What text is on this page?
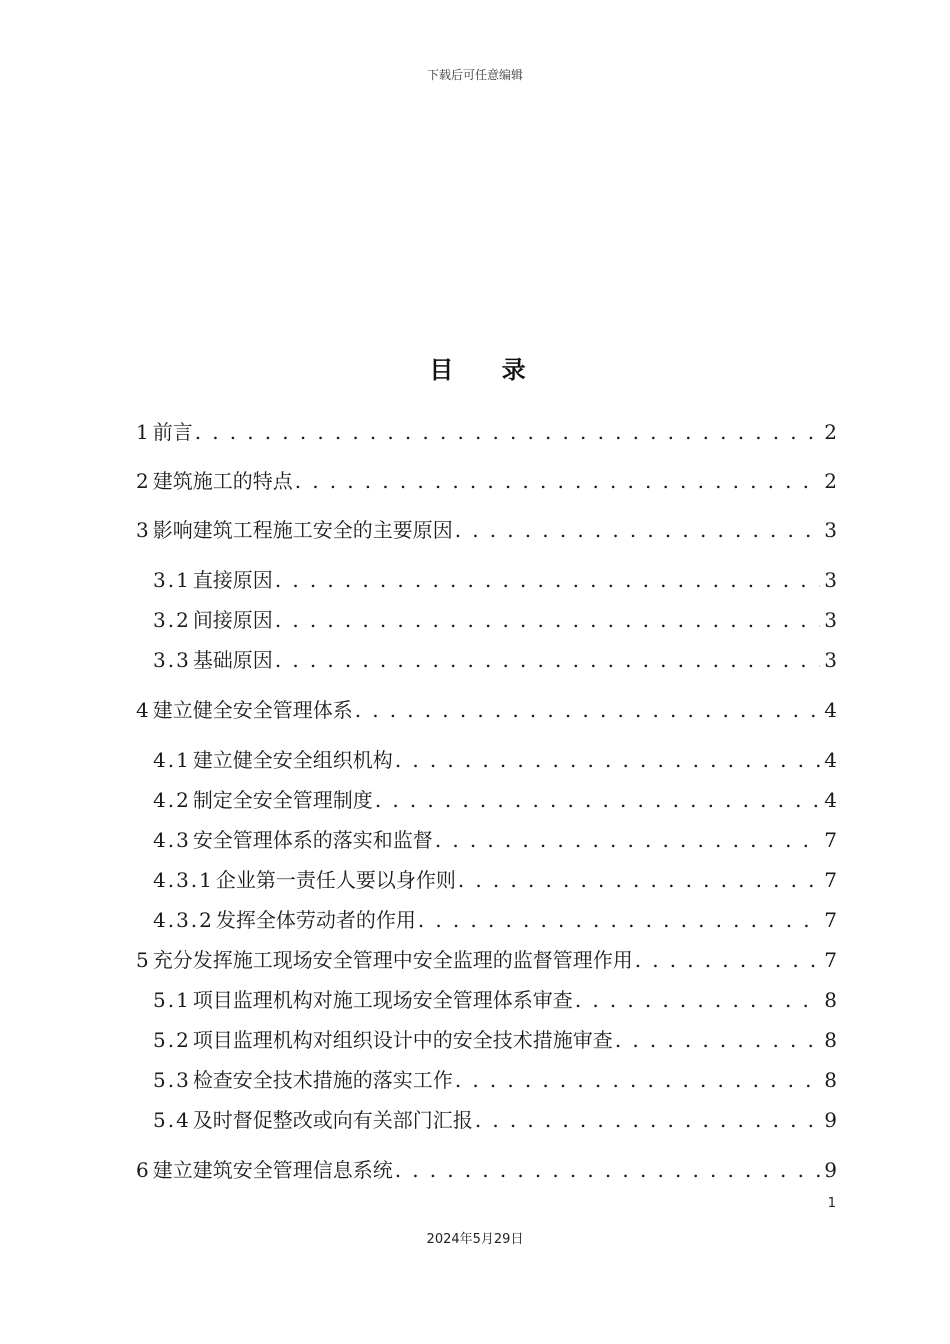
下载后可任意编辑
目 录
1 前言 . . .	2
2 建筑施工的特点 . . .	2
3 影响建筑工程施工安全的主要原因 . . .	3
3.1 直接原因 . . .	3
3.2 间接原因 . . .	3
3.3 基础原因 . . .	3
4 建立健全安全管理体系 . . .	4
4.1 建立健全安全组织机构 . . .	4
4.2 制定全安全管理制度 . . .	4
4.3 安全管理体系的落实和监督 . . .	7
4.3.1 企业第一责任人要以身作则 . . .	7
4.3.2 发挥全体劳动者的作用 . . .	7
5 充分发挥施工现场安全管理中安全监理的监督管理作用 . . .	7
5.1 项目监理机构对施工现场安全管理体系审查 . . .	8
5.2 项目监理机构对组织设计中的安全技术措施审查 . . .	8
5.3 检查安全技术措施的落实工作 . . .	8
5.4 及时督促整改或向有关部门汇报 . . .	9
6 建立建筑安全管理信息系统 . . .	9
1
2024年5月29日
